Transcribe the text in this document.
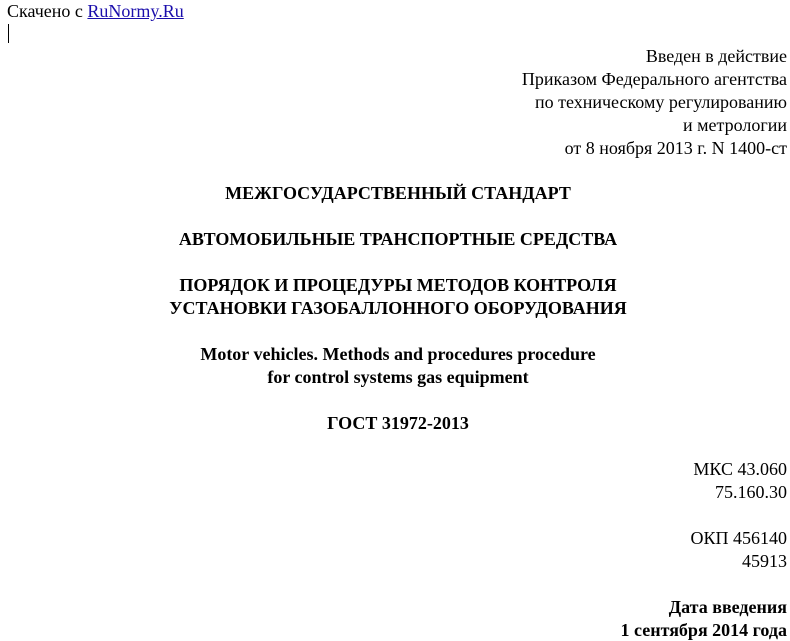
Скачено с RuNormy.Ru
Введен в действие
Приказом Федерального агентства
по техническому регулированию
и метрологии
от 8 ноября 2013 г. N 1400-ст
МЕЖГОСУДАРСТВЕННЫЙ СТАНДАРТ
АВТОМОБИЛЬНЫЕ ТРАНСПОРТНЫЕ СРЕДСТВА
ПОРЯДОК И ПРОЦЕДУРЫ МЕТОДОВ КОНТРОЛЯ
УСТАНОВКИ ГАЗОБАЛЛОННОГО ОБОРУДОВАНИЯ
Motor vehicles. Methods and procedures procedure
for control systems gas equipment
ГОСТ 31972-2013
МКС 43.060
75.160.30
ОКП 456140
45913
Дата введения
1 сентября 2014 года
